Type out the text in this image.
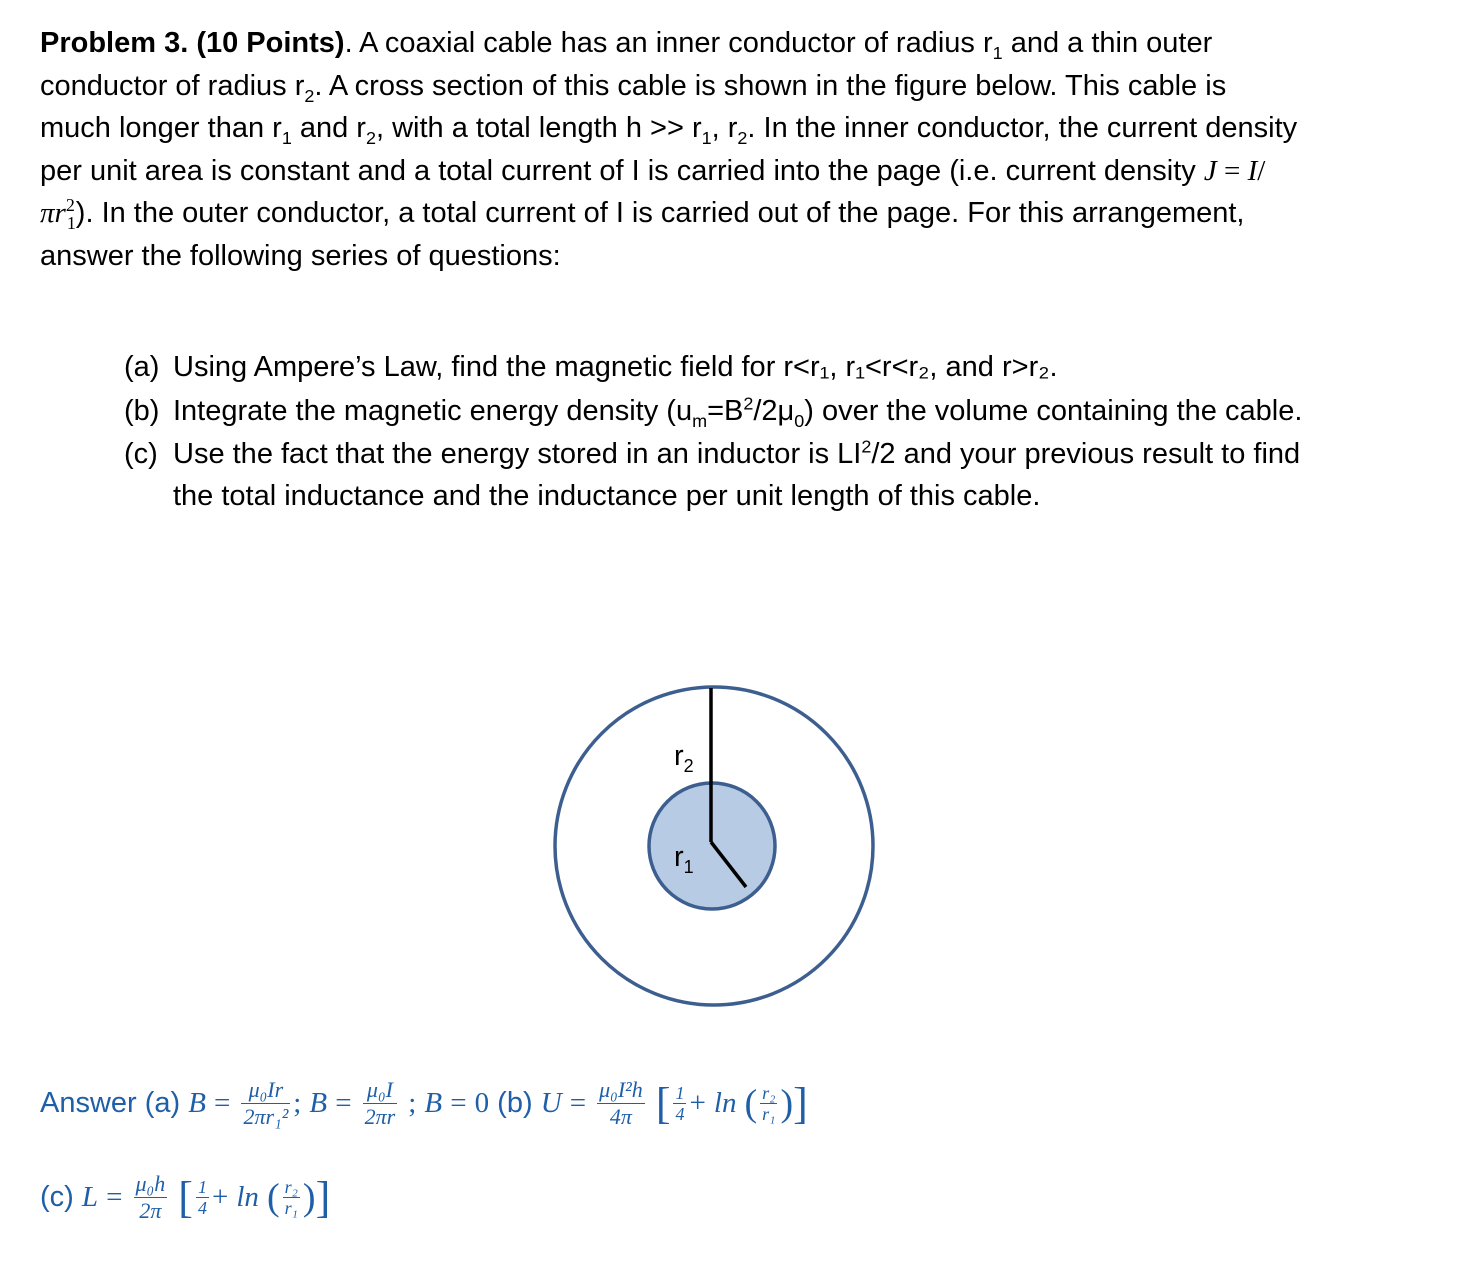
Problem 3. (10 Points). A coaxial cable has an inner conductor of radius $r_1$ and a thin outer conductor of radius $r_2$. A cross section of this cable is shown in the figure below. This cable is much longer than $r_1$ and $r_2$, with a total length $h >> r_1$, $r_2$. In the inner conductor, the current density per unit area is constant and a total current of I is carried into the page (i.e. current density $J = I/\pi r^2_1$). In the outer conductor, a total current of I is carried out of the page. For this arrangement, answer the following series of questions:
(a) Using Ampere’s Law, find the magnetic field for r<r₁, r₁<r<r₂, and r>r₂.
(b) Integrate the magnetic energy density $(u_m=B^2/2\mu_0)$ over the volume containing the cable.
(c) Use the fact that the energy stored in an inductor is $LI^2/2$ and your previous result to find the total inductance and the inductance per unit length of this cable.
$r_2$
$r_1$
Answer (a) $B = \frac{\text{μ₀Ir}}{\text{2πr₁²}}$ ; $B = \frac{\text{μ₀I}}{2\pi r}$ ; B = 0 (b) $U = \frac{\text{μ₀I²h}}{4\pi}$ [ $\frac{1}{4} + \ln$ ( $\frac{\text{r₂}}{\text{r₁}}$ )]
(c) $L = \frac{\text{μ₀h}}{2\pi}$ [ $\frac{1}{4} + \ln$ ( $\frac{\text{r₂}}{\text{r₁}}$ )]
